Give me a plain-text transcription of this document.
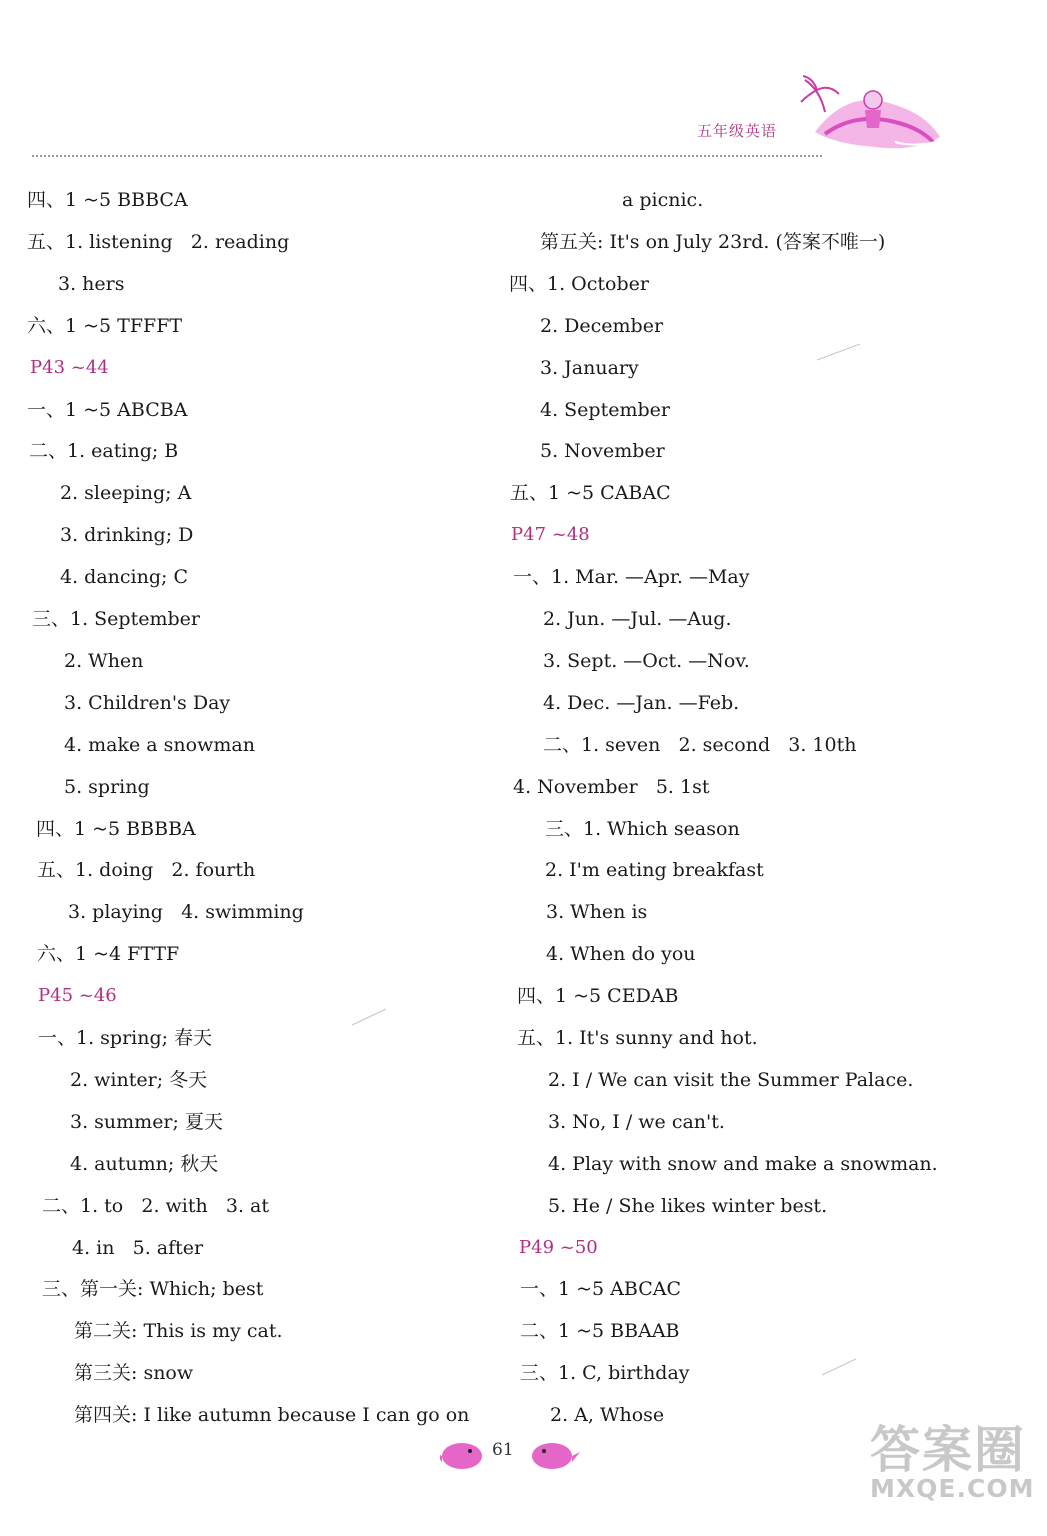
五年级英语
四、1 ~5 BBBCA
五、1. listening   2. reading
3. hers
六、1 ~5 TFFFT
P43 ~44
一、1 ~5 ABCBA
二、1. eating; B
2. sleeping; A
3. drinking; D
4. dancing; C
三、1. September
2. When
3. Children's Day
4. make a snowman
5. spring
四、1 ~5 BBBBA
五、1. doing   2. fourth
3. playing   4. swimming
六、1 ~4 FTTF
P45 ~46
一、1. spring; 春天
2. winter; 冬天
3. summer; 夏天
4. autumn; 秋天
二、1. to   2. with   3. at
4. in   5. after
三、第一关: Which; best
第二关: This is my cat.
第三关: snow
第四关: I like autumn because I can go on
a picnic.
第五关: It's on July 23rd. (答案不唯一)
四、1. October
2. December
3. January
4. September
5. November
五、1 ~5 CABAC
P47 ~48
一、1. Mar. —Apr. —May
2. Jun. —Jul. —Aug.
3. Sept. —Oct. —Nov.
4. Dec. —Jan. —Feb.
二、1. seven   2. second   3. 10th
4. November   5. 1st
三、1. Which season
2. I'm eating breakfast
3. When is
4. When do you
四、1 ~5 CEDAB
五、1. It's sunny and hot.
2. I / We can visit the Summer Palace.
3. No, I / we can't.
4. Play with snow and make a snowman.
5. He / She likes winter best.
P49 ~50
一、1 ~5 ABCAC
二、1 ~5 BBAAB
三、1. C, birthday
2. A, Whose
61	答案圈
MXQE.COM
